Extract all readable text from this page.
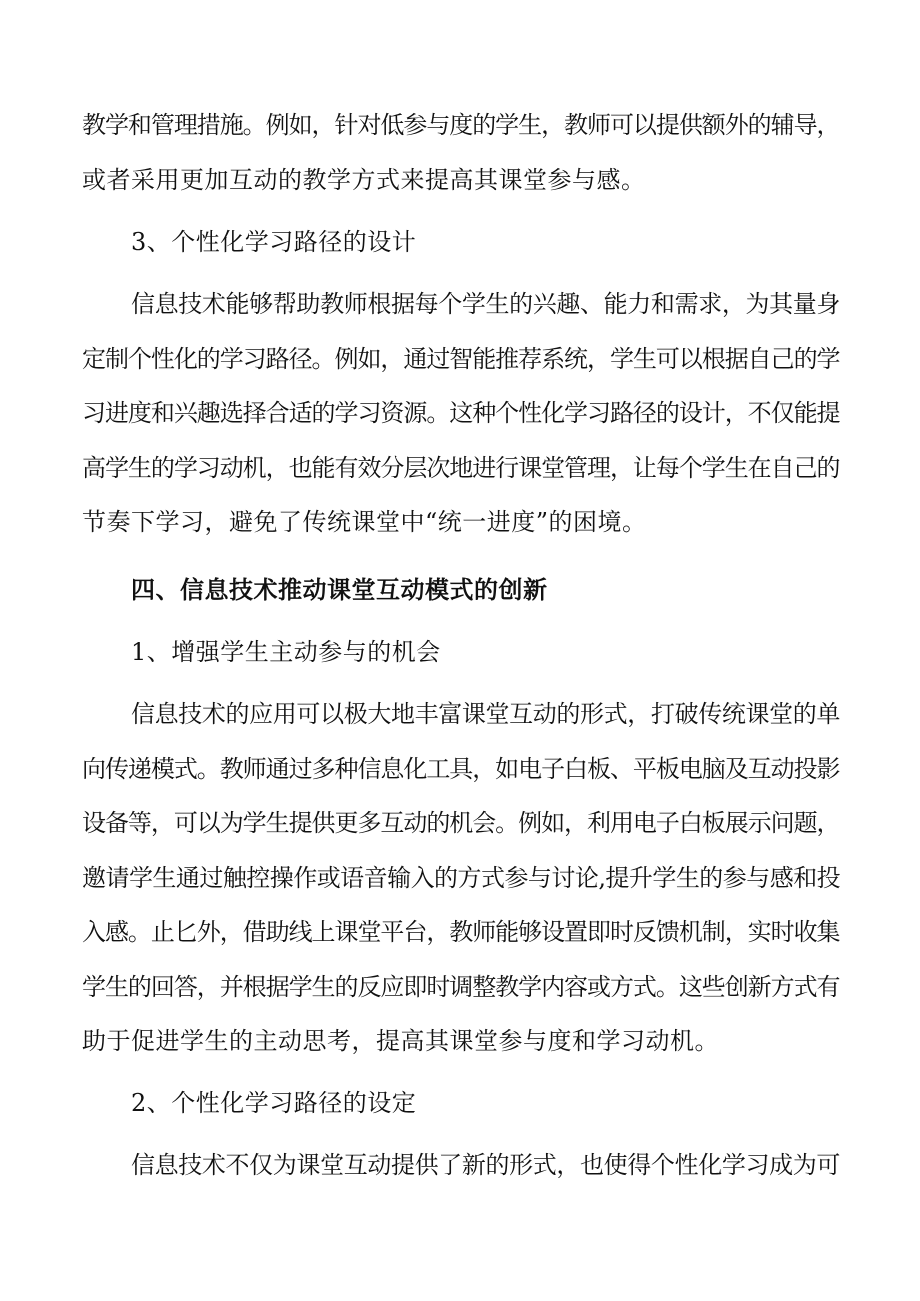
教学和管理措施。例如，针对低参与度的学生，教师可以提供额外的辅导，
或者采用更加互动的教学方式来提高其课堂参与感。
3、个性化学习路径的设计
信息技术能够帮助教师根据每个学生的兴趣、能力和需求，为其量身
定制个性化的学习路径。例如，通过智能推荐系统，学生可以根据自己的学
习进度和兴趣选择合适的学习资源。这种个性化学习路径的设计，不仅能提
高学生的学习动机，也能有效分层次地进行课堂管理，让每个学生在自己的
节奏下学习，避免了传统课堂中“统一进度”的困境。
四、信息技术推动课堂互动模式的创新
1、增强学生主动参与的机会
信息技术的应用可以极大地丰富课堂互动的形式，打破传统课堂的单
向传递模式。教师通过多种信息化工具，如电子白板、平板电脑及互动投影
设备等，可以为学生提供更多互动的机会。例如，利用电子白板展示问题，
邀请学生通过触控操作或语音输入的方式参与讨论,提升学生的参与感和投
入感。止匕外，借助线上课堂平台，教师能够设置即时反馈机制，实时收集
学生的回答，并根据学生的反应即时调整教学内容或方式。这些创新方式有
助于促进学生的主动思考，提高其课堂参与度和学习动机。
2、个性化学习路径的设定
信息技术不仅为课堂互动提供了新的形式，也使得个性化学习成为可
